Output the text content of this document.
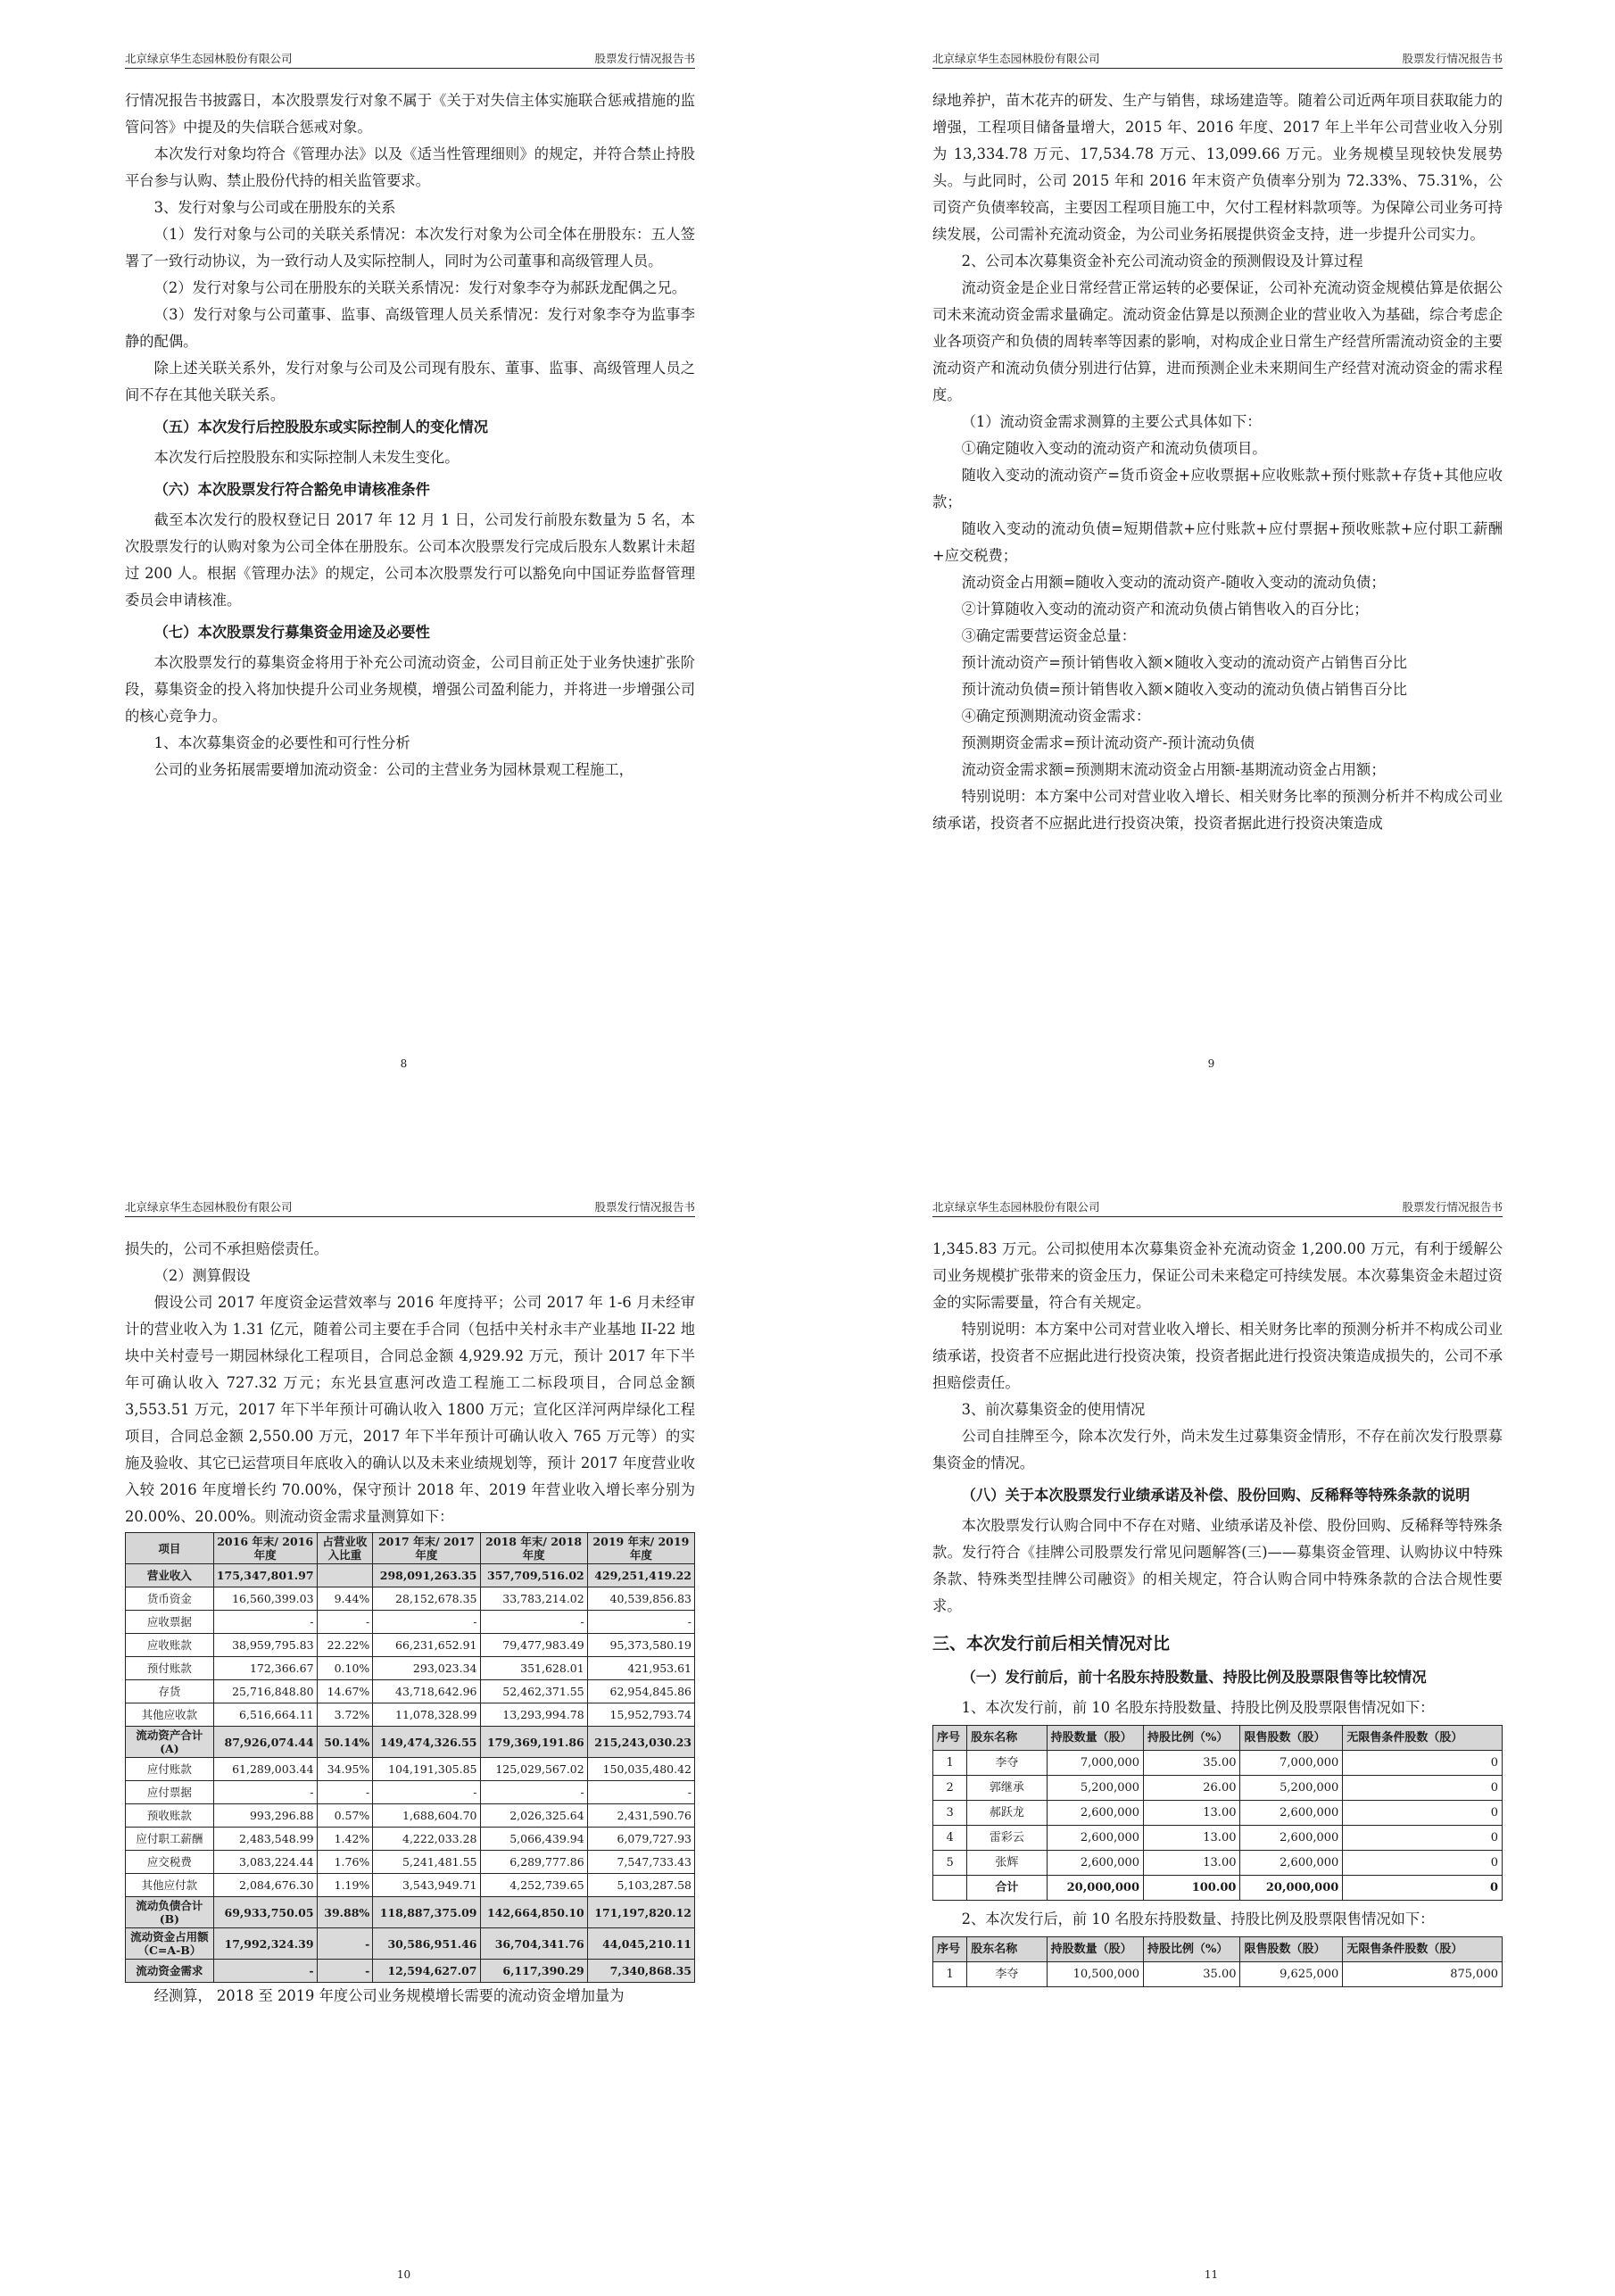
北京绿京华生态园林股份有限公司	股票发行情况报告书

行情况报告书披露日，本次股票发行对象不属于《关于对失信主体实施联合惩戒措施的监管问答》中提及的失信联合惩戒对象。

本次发行对象均符合《管理办法》以及《适当性管理细则》的规定，并符合禁止持股平台参与认购、禁止股份代持的相关监管要求。

3、发行对象与公司或在册股东的关系

（1）发行对象与公司的关联关系情况：本次发行对象为公司全体在册股东：五人签署了一致行动协议，为一致行动人及实际控制人，同时为公司董事和高级管理人员。

（2）发行对象与公司在册股东的关联关系情况：发行对象李夺为郝跃龙配偶之兄。

（3）发行对象与公司董事、监事、高级管理人员关系情况：发行对象李夺为监事李静的配偶。

除上述关联关系外，发行对象与公司及公司现有股东、董事、监事、高级管理人员之间不存在其他关联关系。

（五）本次发行后控股股东或实际控制人的变化情况

本次发行后控股股东和实际控制人未发生变化。

（六）本次股票发行符合豁免申请核准条件

截至本次发行的股权登记日 2017 年 12 月 1 日，公司发行前股东数量为 5 名，本次股票发行的认购对象为公司全体在册股东。公司本次股票发行完成后股东人数累计未超过 200 人。根据《管理办法》的规定，公司本次股票发行可以豁免向中国证券监督管理委员会申请核准。

（七）本次股票发行募集资金用途及必要性

本次股票发行的募集资金将用于补充公司流动资金，公司目前正处于业务快速扩张阶段，募集资金的投入将加快提升公司业务规模，增强公司盈利能力，并将进一步增强公司的核心竞争力。

1、本次募集资金的必要性和可行性分析

公司的业务拓展需要增加流动资金：公司的主营业务为园林景观工程施工，

8
北京绿京华生态园林股份有限公司	股票发行情况报告书

绿地养护，苗木花卉的研发、生产与销售，球场建造等。随着公司近两年项目获取能力的增强，工程项目储备量增大，2015 年、2016 年度、2017 年上半年公司营业收入分别为 13,334.78 万元、17,534.78 万元、13,099.66 万元。业务规模呈现较快发展势头。与此同时，公司 2015 年和 2016 年末资产负债率分别为 72.33%、75.31%，公司资产负债率较高，主要因工程项目施工中，欠付工程材料款项等。为保障公司业务可持续发展，公司需补充流动资金，为公司业务拓展提供资金支持，进一步提升公司实力。

2、公司本次募集资金补充公司流动资金的预测假设及计算过程

流动资金是企业日常经营正常运转的必要保证，公司补充流动资金规模估算是依据公司未来流动资金需求量确定。流动资金估算是以预测企业的营业收入为基础，综合考虑企业各项资产和负债的周转率等因素的影响，对构成企业日常生产经营所需流动资金的主要流动资产和流动负债分别进行估算，进而预测企业未来期间生产经营对流动资金的需求程度。

（1）流动资金需求测算的主要公式具体如下：

①确定随收入变动的流动资产和流动负债项目。

随收入变动的流动资产=货币资金+应收票据+应收账款+预付账款+存货+其他应收款；

随收入变动的流动负债=短期借款+应付账款+应付票据+预收账款+应付职工薪酬+应交税费；

流动资金占用额=随收入变动的流动资产-随收入变动的流动负债；

②计算随收入变动的流动资产和流动负债占销售收入的百分比；

③确定需要营运资金总量：

预计流动资产=预计销售收入额×随收入变动的流动资产占销售百分比

预计流动负债=预计销售收入额×随收入变动的流动负债占销售百分比

④确定预测期流动资金需求：

预测期资金需求=预计流动资产-预计流动负债

流动资金需求额=预测期末流动资金占用额-基期流动资金占用额；

特别说明：本方案中公司对营业收入增长、相关财务比率的预测分析并不构成公司业绩承诺，投资者不应据此进行投资决策，投资者据此进行投资决策造成

9
北京绿京华生态园林股份有限公司	股票发行情况报告书

损失的，公司不承担赔偿责任。

（2）测算假设

假设公司 2017 年度资金运营效率与 2016 年度持平；公司 2017 年 1-6 月未经审计的营业收入为 1.31 亿元，随着公司主要在手合同（包括中关村永丰产业基地 II-22 地块中关村壹号一期园林绿化工程项目，合同总金额 4,929.92 万元，预计 2017 年下半年可确认收入 727.32 万元；东光县宣惠河改造工程施工二标段项目，合同总金额 3,553.51 万元，2017 年下半年预计可确认收入 1800 万元；宣化区洋河两岸绿化工程项目，合同总金额 2,550.00 万元，2017 年下半年预计可确认收入 765 万元等）的实施及验收、其它已运营项目年底收入的确认以及未来业绩规划等，预计 2017 年度营业收入较 2016 年度增长约 70.00%，保守预计 2018 年、2019 年营业收入增长率分别为 20.00%、20.00%。则流动资金需求量测算如下：

项目	2016 年末/ 2016 年度	占营业收入比重	2017 年末/ 2017 年度	2018 年末/ 2018 年度	2019 年末/ 2019 年度
营业收入	175,347,801.97		298,091,263.35	357,709,516.02	429,251,419.22
货币资金	16,560,399.03	9.44%	28,152,678.35	33,783,214.02	40,539,856.83
应收票据	-	-	-	-	-
应收账款	38,959,795.83	22.22%	66,231,652.91	79,477,983.49	95,373,580.19
预付账款	172,366.67	0.10%	293,023.34	351,628.01	421,953.61
存货	25,716,848.80	14.67%	43,718,642.96	52,462,371.55	62,954,845.86
其他应收款	6,516,664.11	3.72%	11,078,328.99	13,293,994.78	15,952,793.74
流动资产合计(A)	87,926,074.44	50.14%	149,474,326.55	179,369,191.86	215,243,030.23
应付账款	61,289,003.44	34.95%	104,191,305.85	125,029,567.02	150,035,480.42
应付票据	-	-	-	-	-
预收账款	993,296.88	0.57%	1,688,604.70	2,026,325.64	2,431,590.76
应付职工薪酬	2,483,548.99	1.42%	4,222,033.28	5,066,439.94	6,079,727.93
应交税费	3,083,224.44	1.76%	5,241,481.55	6,289,777.86	7,547,733.43
其他应付款	2,084,676.30	1.19%	3,543,949.71	4,252,739.65	5,103,287.58
流动负债合计(B)	69,933,750.05	39.88%	118,887,375.09	142,664,850.10	171,197,820.12
流动资金占用额（C=A-B）	17,992,324.39	-	30,586,951.46	36,704,341.76	44,045,210.11
流动资金需求	-	-	12,594,627.07	6,117,390.29	7,340,868.35

经测算， 2018 至 2019 年度公司业务规模增长需要的流动资金增加量为

10
北京绿京华生态园林股份有限公司	股票发行情况报告书

1,345.83 万元。公司拟使用本次募集资金补充流动资金 1,200.00 万元，有利于缓解公司业务规模扩张带来的资金压力，保证公司未来稳定可持续发展。本次募集资金未超过资金的实际需要量，符合有关规定。

特别说明：本方案中公司对营业收入增长、相关财务比率的预测分析并不构成公司业绩承诺，投资者不应据此进行投资决策，投资者据此进行投资决策造成损失的，公司不承担赔偿责任。

3、前次募集资金的使用情况

公司自挂牌至今，除本次发行外，尚未发生过募集资金情形，不存在前次发行股票募集资金的情况。

（八）关于本次股票发行业绩承诺及补偿、股份回购、反稀释等特殊条款的说明

本次股票发行认购合同中不存在对赌、业绩承诺及补偿、股份回购、反稀释等特殊条款。发行符合《挂牌公司股票发行常见问题解答(三)——募集资金管理、认购协议中特殊条款、特殊类型挂牌公司融资》的相关规定，符合认购合同中特殊条款的合法合规性要求。

三、本次发行前后相关情况对比

（一）发行前后，前十名股东持股数量、持股比例及股票限售等比较情况

1、本次发行前，前 10 名股东持股数量、持股比例及股票限售情况如下：

序号	股东名称	持股数量（股）	持股比例（%）	限售股数（股）	无限售条件股数（股）
1	李夺	7,000,000	35.00	7,000,000	0
2	郭继承	5,200,000	26.00	5,200,000	0
3	郝跃龙	2,600,000	13.00	2,600,000	0
4	雷彩云	2,600,000	13.00	2,600,000	0
5	张辉	2,600,000	13.00	2,600,000	0
	合计	20,000,000	100.00	20,000,000	0

2、本次发行后，前 10 名股东持股数量、持股比例及股票限售情况如下：

序号	股东名称	持股数量（股）	持股比例（%）	限售股数（股）	无限售条件股数（股）
1	李夺	10,500,000	35.00	9,625,000	875,000
11
